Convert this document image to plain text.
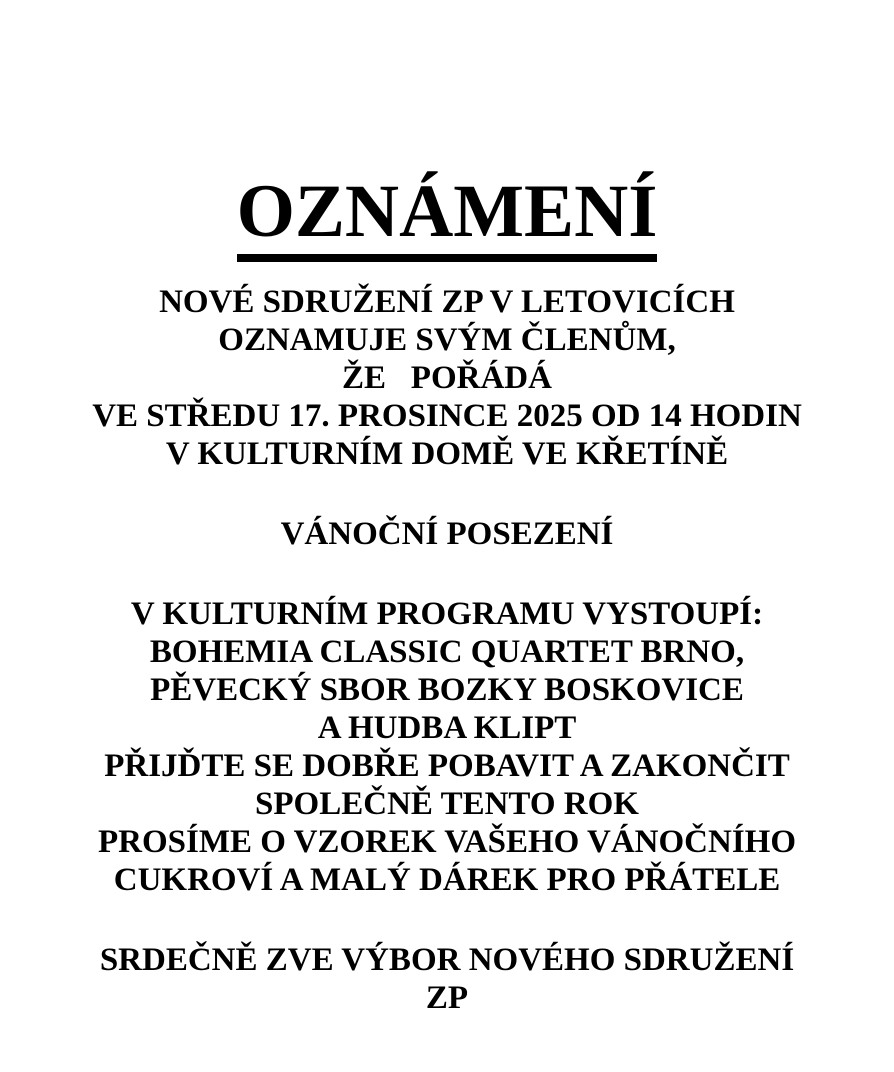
OZNÁMENÍ
NOVÉ SDRUŽENÍ ZP V LETOVICÍCH
OZNAMUJE SVÝM ČLENŮM,
ŽE   POŘÁDÁ
VE STŘEDU 17. PROSINCE 2025 OD 14 HODIN
V KULTURNÍM DOMĚ VE KŘETÍNĚ
VÁNOČNÍ POSEZENÍ
V KULTURNÍM PROGRAMU VYSTOUPÍ:
BOHEMIA CLASSIC QUARTET BRNO,
PĚVECKÝ SBOR BOZKY BOSKOVICE
A HUDBA KLIPT
PŘIJĎTE SE DOBŘE POBAVIT A ZAKONČIT
SPOLEČNĚ TENTO ROK
PROSÍME O VZOREK VAŠEHO VÁNOČNÍHO
CUKROVÍ A MALÝ DÁREK PRO PŘÁTELE
SRDEČNĚ ZVE VÝBOR NOVÉHO SDRUŽENÍ
ZP
